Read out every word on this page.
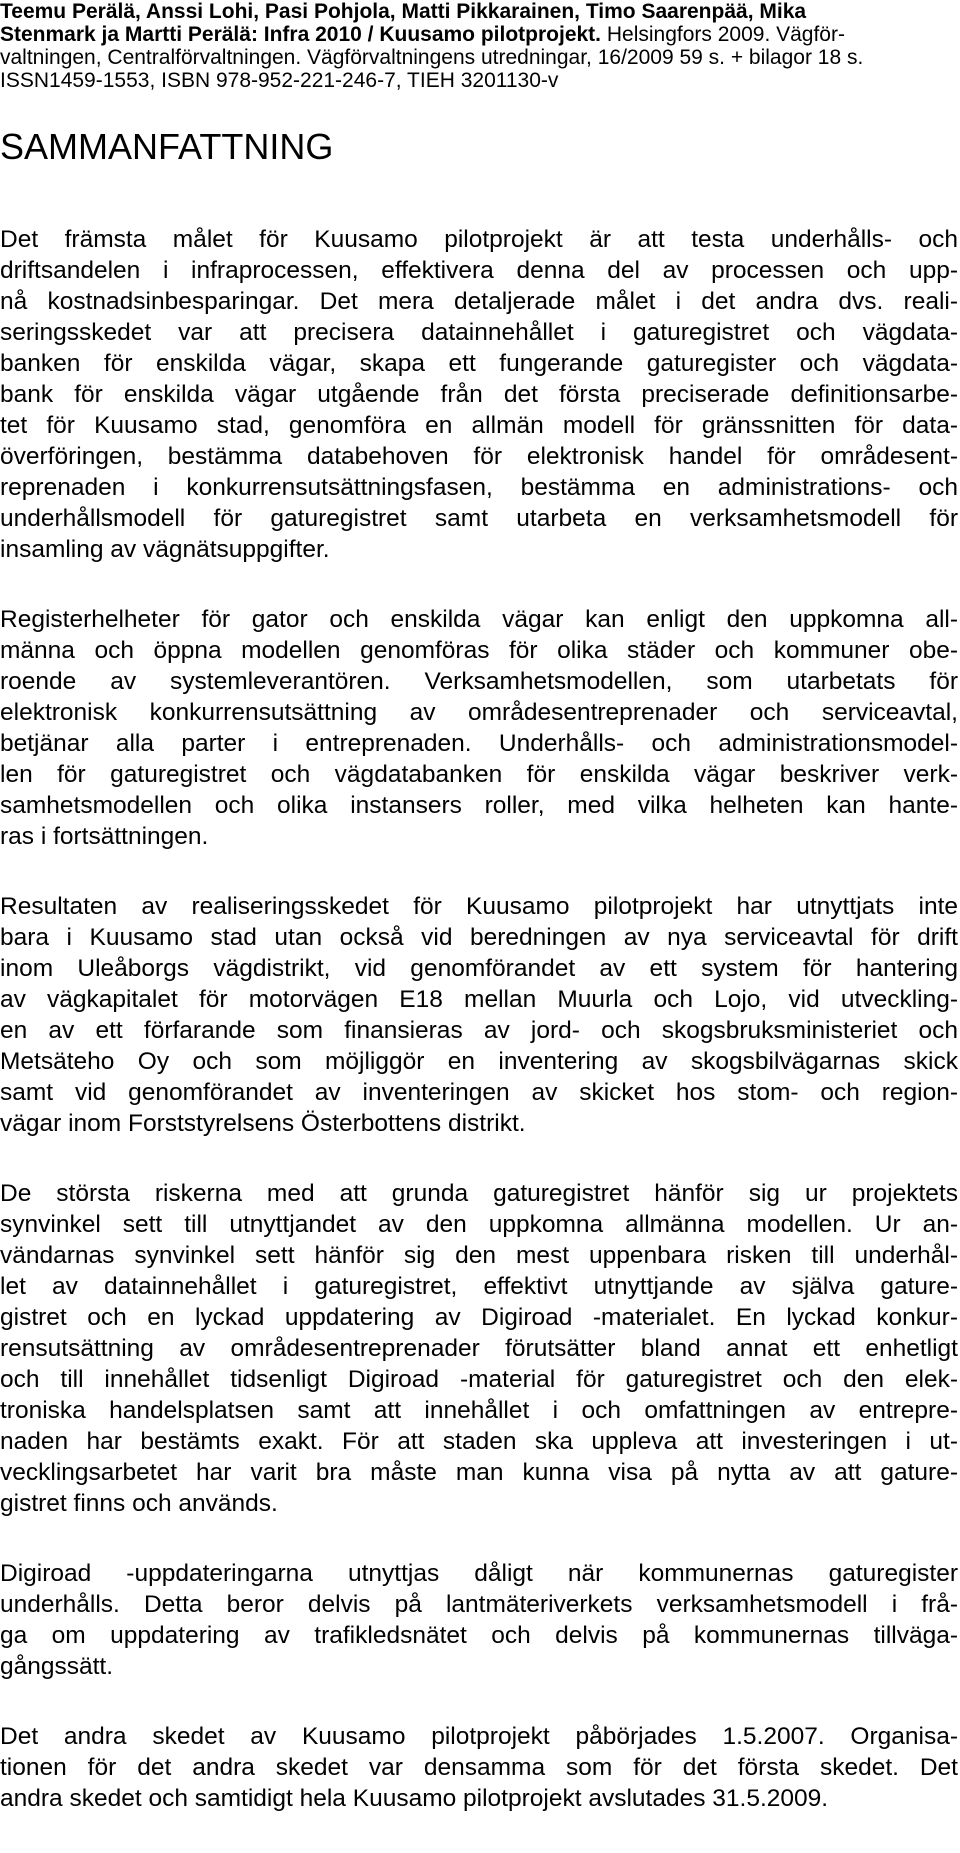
Teemu Perälä, Anssi Lohi, Pasi Pohjola, Matti Pikkarainen, Timo Saarenpää, Mika
Stenmark ja Martti Perälä: Infra 2010 / Kuusamo pilotprojekt. Helsingfors 2009. Vägför-
valtningen, Centralförvaltningen. Vägförvaltningens utredningar, 16/2009 59 s. + bilagor 18 s.
ISSN1459-1553, ISBN 978-952-221-246-7, TIEH 3201130-v
SAMMANFATTNING
Det främsta målet för Kuusamo pilotprojekt är att testa underhålls- och
driftsandelen i infraprocessen, effektivera denna del av processen och upp-
nå kostnadsinbesparingar. Det mera detaljerade målet i det andra dvs. reali-
seringsskedet var att precisera datainnehållet i gaturegistret och vägdata-
banken för enskilda vägar, skapa ett fungerande gaturegister och vägdata-
bank för enskilda vägar utgående från det första preciserade definitionsarbe-
tet för Kuusamo stad, genomföra en allmän modell för gränssnitten för data-
överföringen, bestämma databehoven för elektronisk handel för områdesent-
reprenaden i konkurrensutsättningsfasen, bestämma en administrations- och
underhållsmodell för gaturegistret samt utarbeta en verksamhetsmodell för
insamling av vägnätsuppgifter.
Registerhelheter för gator och enskilda vägar kan enligt den uppkomna all-
männa och öppna modellen genomföras för olika städer och kommuner obe-
roende av systemleverantören. Verksamhetsmodellen, som utarbetats för
elektronisk konkurrensutsättning av områdesentreprenader och serviceavtal,
betjänar alla parter i entreprenaden. Underhålls- och administrationsmodel-
len för gaturegistret och vägdatabanken för enskilda vägar beskriver verk-
samhetsmodellen och olika instansers roller, med vilka helheten kan hante-
ras i fortsättningen.
Resultaten av realiseringsskedet för Kuusamo pilotprojekt har utnyttjats inte
bara i Kuusamo stad utan också vid beredningen av nya serviceavtal för drift
inom Uleåborgs vägdistrikt, vid genomförandet av ett system för hantering
av vägkapitalet för motorvägen E18 mellan Muurla och Lojo, vid utveckling-
en av ett förfarande som finansieras av jord- och skogsbruksministeriet och
Metsäteho Oy och som möjliggör en inventering av skogsbilvägarnas skick
samt vid genomförandet av inventeringen av skicket hos stom- och region-
vägar inom Forststyrelsens Österbottens distrikt.
De största riskerna med att grunda gaturegistret hänför sig ur projektets
synvinkel sett till utnyttjandet av den uppkomna allmänna modellen. Ur an-
vändarnas synvinkel sett hänför sig den mest uppenbara risken till underhål-
let av datainnehållet i gaturegistret, effektivt utnyttjande av själva gature-
gistret och en lyckad uppdatering av Digiroad -materialet. En lyckad konkur-
rensutsättning av områdesentreprenader förutsätter bland annat ett enhetligt
och till innehållet tidsenligt Digiroad -material för gaturegistret och den elek-
troniska handelsplatsen samt att innehållet i och omfattningen av entrepre-
naden har bestämts exakt. För att staden ska uppleva att investeringen i ut-
vecklingsarbetet har varit bra måste man kunna visa på nytta av att gature-
gistret finns och används.
Digiroad -uppdateringarna utnyttjas dåligt när kommunernas gaturegister
underhålls. Detta beror delvis på lantmäteriverkets verksamhetsmodell i frå-
ga om uppdatering av trafikledsnätet och delvis på kommunernas tillväga-
gångssätt.
Det andra skedet av Kuusamo pilotprojekt påbörjades 1.5.2007. Organisa-
tionen för det andra skedet var densamma som för det första skedet. Det
andra skedet och samtidigt hela Kuusamo pilotprojekt avslutades 31.5.2009.
